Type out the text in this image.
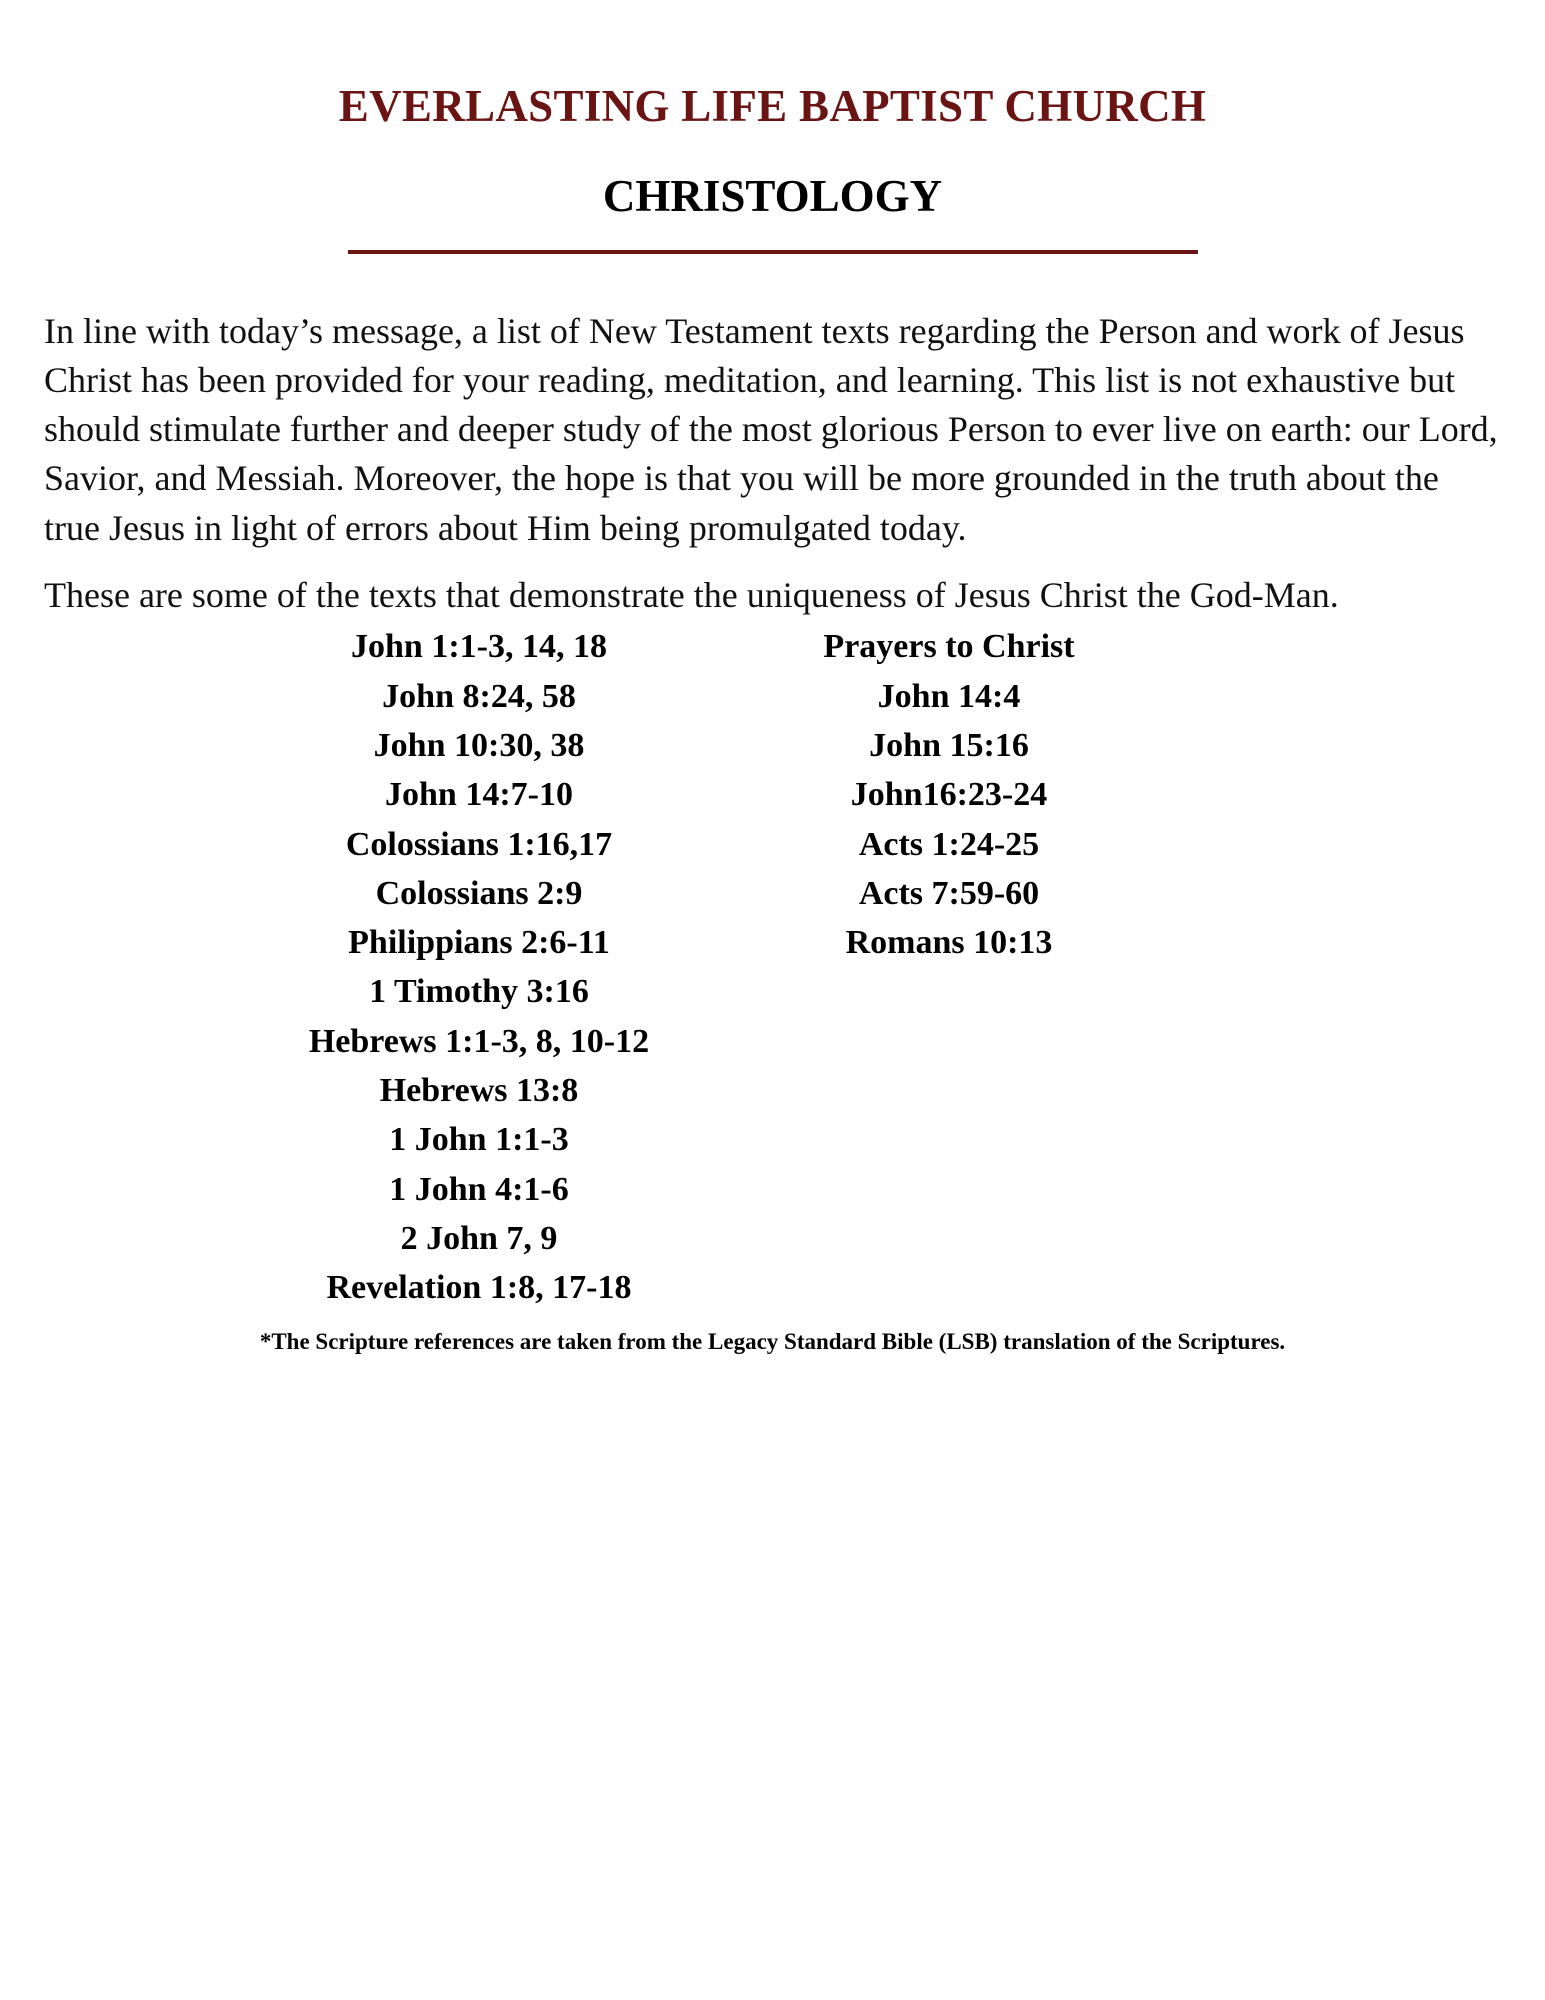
EVERLASTING LIFE BAPTIST CHURCH
CHRISTOLOGY

In line with today’s message, a list of New Testament texts regarding the Person and work of Jesus Christ has been provided for your reading, meditation, and learning. This list is not exhaustive but should stimulate further and deeper study of the most glorious Person to ever live on earth: our Lord, Savior, and Messiah. Moreover, the hope is that you will be more grounded in the truth about the true Jesus in light of errors about Him being promulgated today.

These are some of the texts that demonstrate the uniqueness of Jesus Christ the God-Man.

John 1:1-3, 14, 18
John 8:24, 58
John 10:30, 38
John 14:7-10
Colossians 1:16,17
Colossians 2:9
Philippians 2:6-11
1 Timothy 3:16
Hebrews 1:1-3, 8, 10-12
Hebrews 13:8
1 John 1:1-3
1 John 4:1-6
2 John 7, 9
Revelation 1:8, 17-18
Prayers to Christ
John 14:4
John 15:16
John16:23-24
Acts 1:24-25
Acts 7:59-60
Romans 10:13
*The Scripture references are taken from the Legacy Standard Bible (LSB) translation of the Scriptures.
